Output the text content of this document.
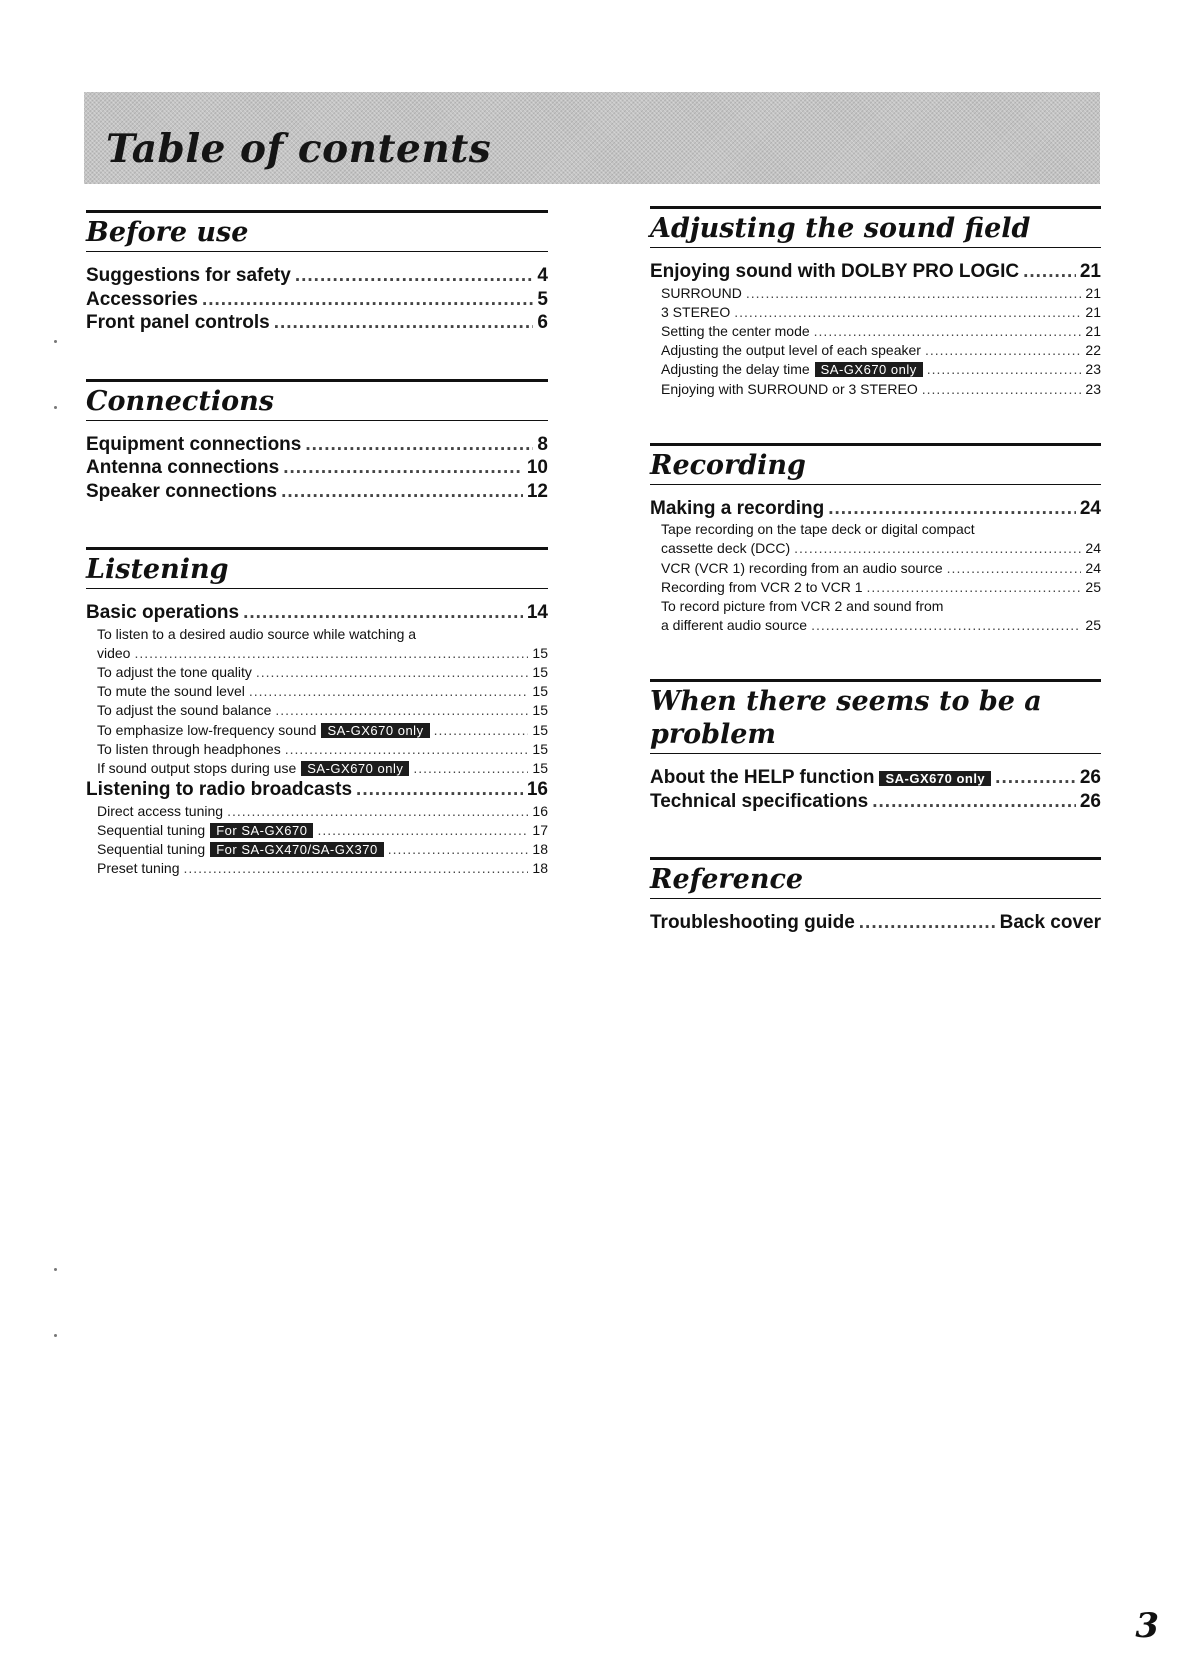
Table of contents
Before use
Suggestions for safety .....	4
Accessories .....	5
Front panel controls .....	6
Connections
Equipment connections .....	8
Antenna connections .....	10
Speaker connections .....	12
Listening
Basic operations .....	14
To listen to a desired audio source while watching a
video .....	15
To adjust the tone quality .....	15
To mute the sound level .....	15
To adjust the sound balance .....	15
To emphasize low-frequency sound SA-GX670 only .....	15
To listen through headphones .....	15
If sound output stops during use SA-GX670 only .....	15
Listening to radio broadcasts .....	16
Direct access tuning .....	16
Sequential tuning For SA-GX670 .....	17
Sequential tuning For SA-GX470/SA-GX370 .....	18
Preset tuning .....	18
Adjusting the sound field
Enjoying sound with DOLBY PRO LOGIC .....	21
SURROUND .....	21
3 STEREO .....	21
Setting the center mode .....	21
Adjusting the output level of each speaker .....	22
Adjusting the delay time SA-GX670 only .....	23
Enjoying with SURROUND or 3 STEREO .....	23
Recording
Making a recording .....	24
Tape recording on the tape deck or digital compact
cassette deck (DCC) .....	24
VCR (VCR 1) recording from an audio source .....	24
Recording from VCR 2 to VCR 1 .....	25
To record picture from VCR 2 and sound from
a different audio source .....	25
When there seems to be a problem
About the HELP function SA-GX670 only .....	26
Technical specifications .....	26
Reference
Troubleshooting guide .....	Back cover
3
